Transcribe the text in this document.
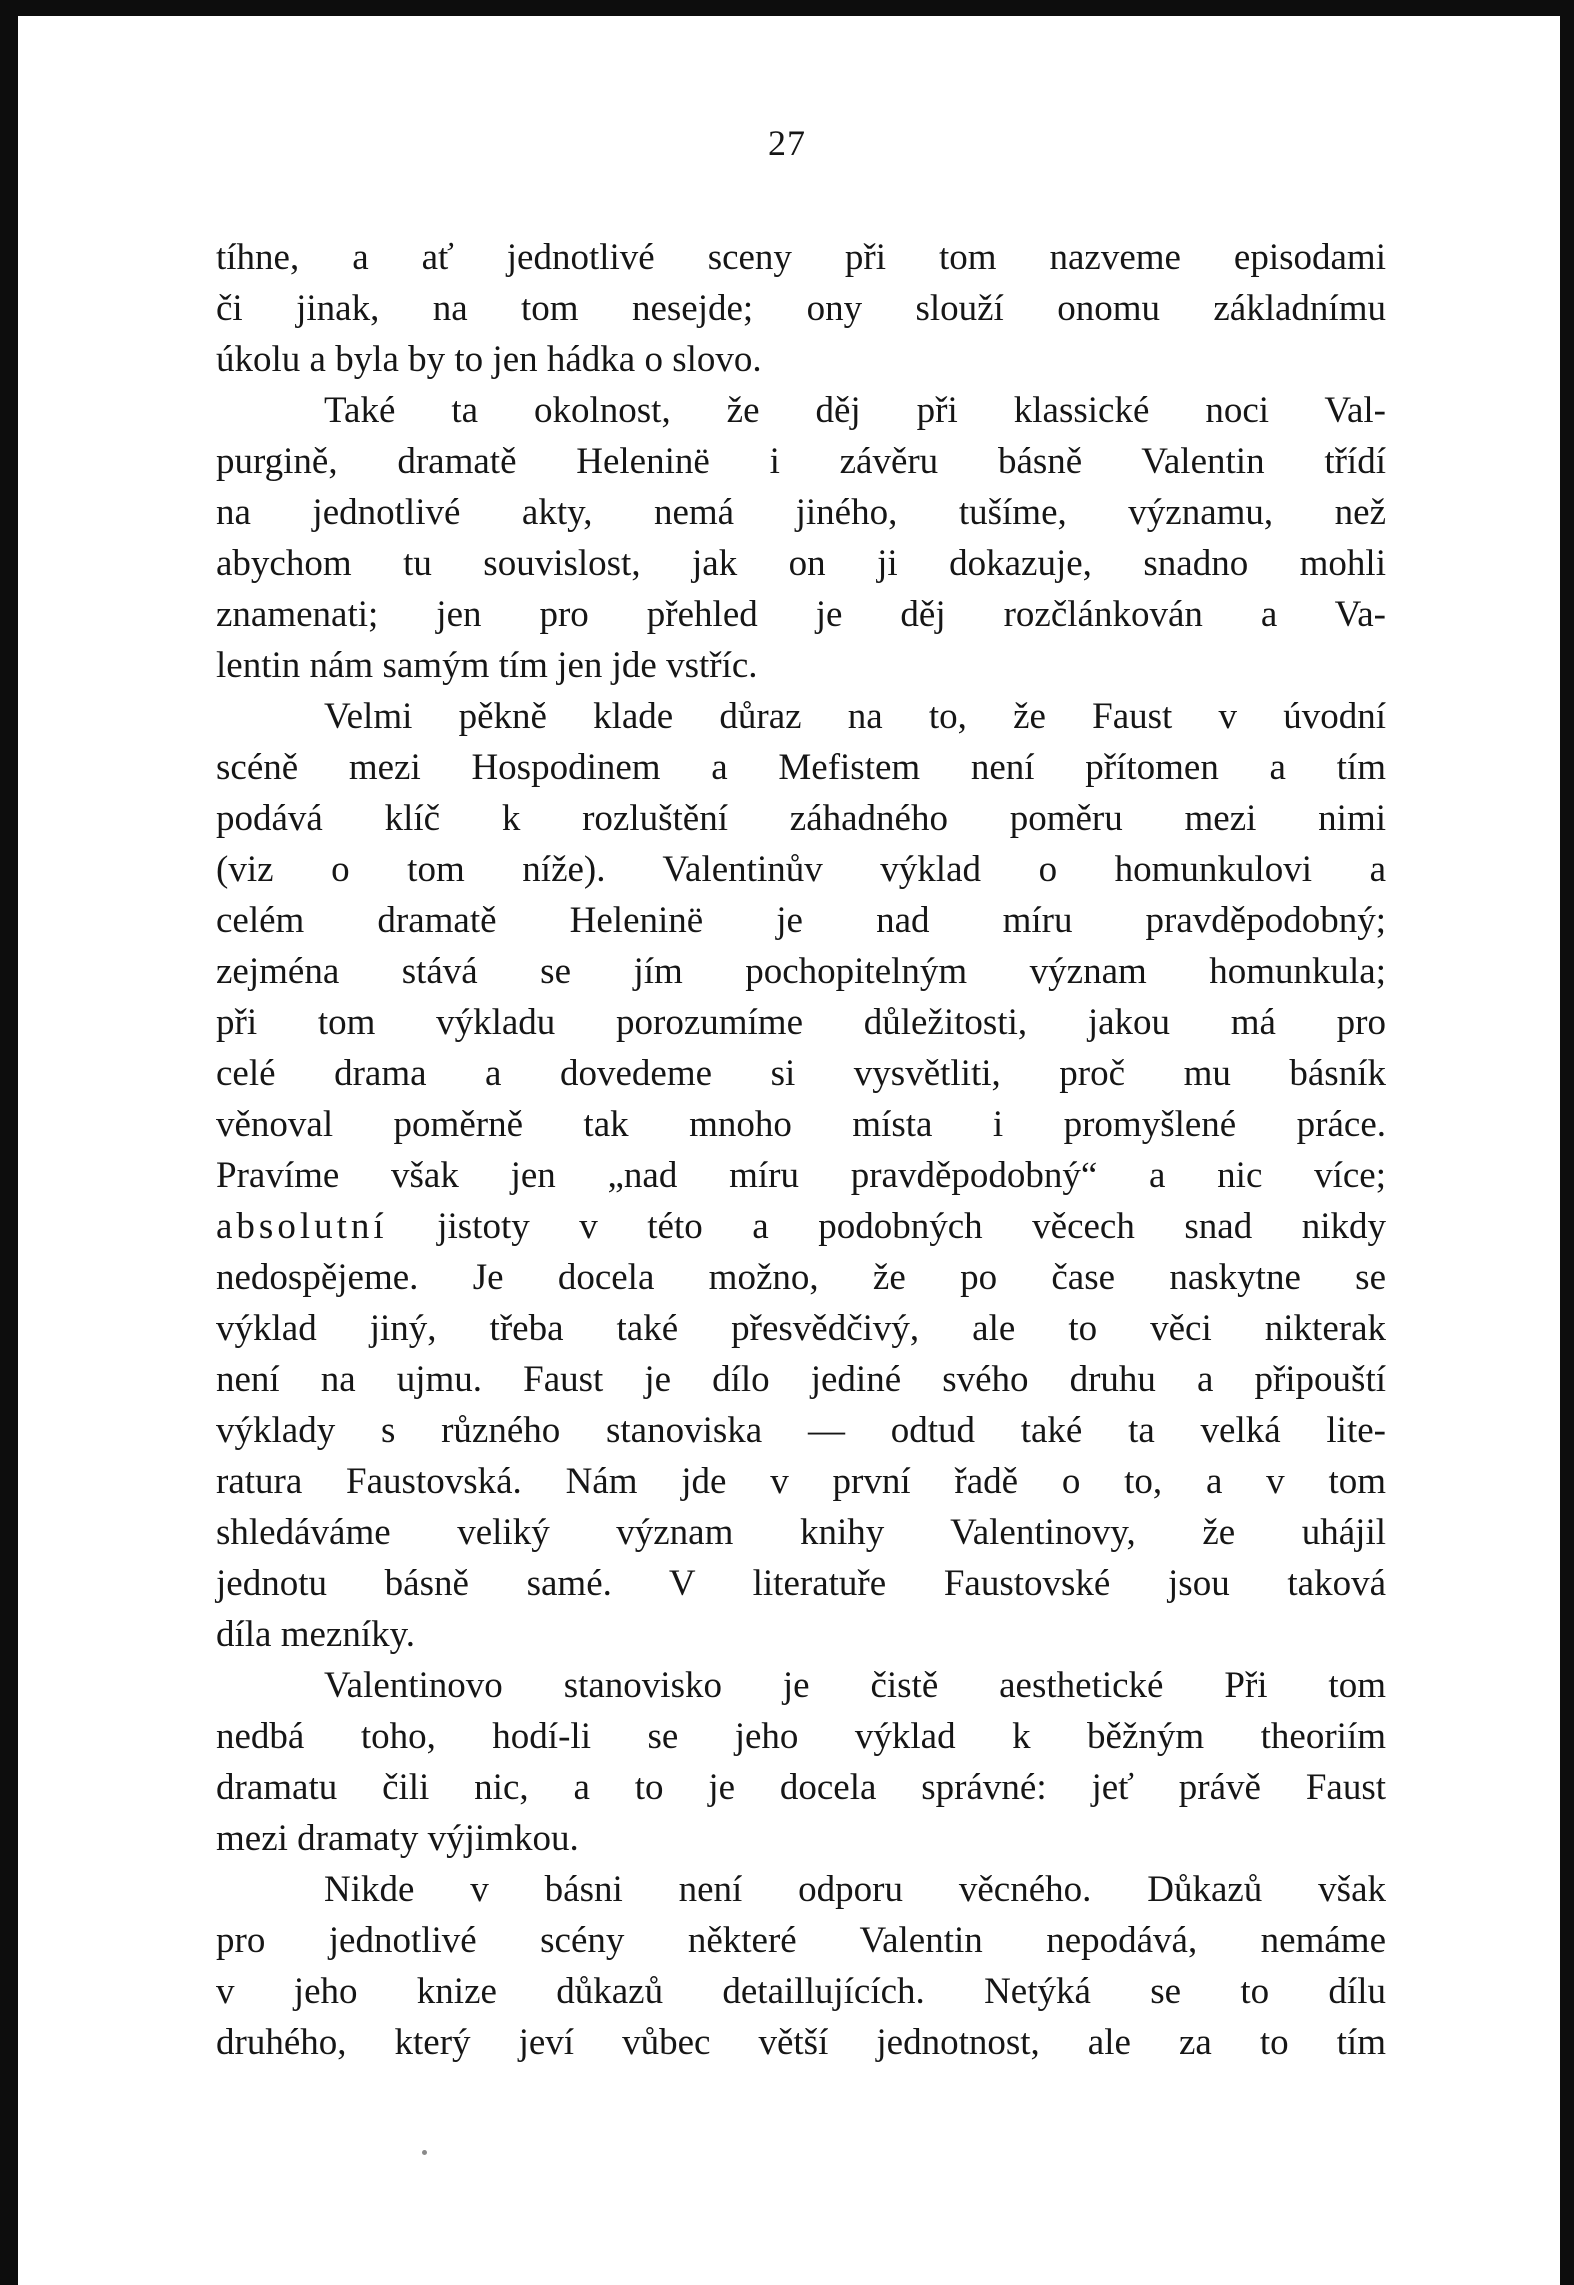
27
tíhne, a ať jednotlivé sceny při tom nazveme episodami
či jinak, na tom nesejde; ony slouží onomu základnímu
úkolu a byla by to jen hádka o slovo.
Také ta okolnost, že děj při klassické noci Val-
purgině, dramatě Heleninë i závěru básně Valentin třídí
na jednotlivé akty, nemá jiného, tušíme, významu, než
abychom tu souvislost, jak on ji dokazuje, snadno mohli
znamenati; jen pro přehled je děj rozčlánkován a Va-
lentin nám samým tím jen jde vstříc.
Velmi pěkně klade důraz na to, že Faust v úvodní
scéně mezi Hospodinem a Mefistem není přítomen a tím
podává klíč k rozluštění záhadného poměru mezi nimi
(viz o tom níže). Valentinův výklad o homunkulovi a
celém dramatě Heleninë je nad míru pravděpodobný;
zejména stává se jím pochopitelným význam homunkula;
při tom výkladu porozumíme důležitosti, jakou má pro
celé drama a dovedeme si vysvětliti, proč mu básník
věnoval poměrně tak mnoho místa i promyšlené práce.
Pravíme však jen „nad míru pravděpodobný“ a nic více;
absolutní jistoty v této a podobných věcech snad nikdy
nedospějeme. Je docela možno, že po čase naskytne se
výklad jiný, třeba také přesvědčivý, ale to věci nikterak
není na ujmu. Faust je dílo jediné svého druhu a připouští
výklady s různého stanoviska — odtud také ta velká lite-
ratura Faustovská. Nám jde v první řadě o to, a v tom
shledáváme veliký význam knihy Valentinovy, že uhájil
jednotu básně samé. V literatuře Faustovské jsou taková
díla mezníky.
Valentinovo stanovisko je čistě aesthetické Při tom
nedbá toho, hodí-li se jeho výklad k běžným theoriím
dramatu čili nic, a to je docela správné: jeť právě Faust
mezi dramaty výjimkou.
Nikde v básni není odporu věcného. Důkazů však
pro jednotlivé scény některé Valentin nepodává, nemáme
v jeho knize důkazů detaillujících. Netýká se to dílu
druhého, který jeví vůbec větší jednotnost, ale za to tím
